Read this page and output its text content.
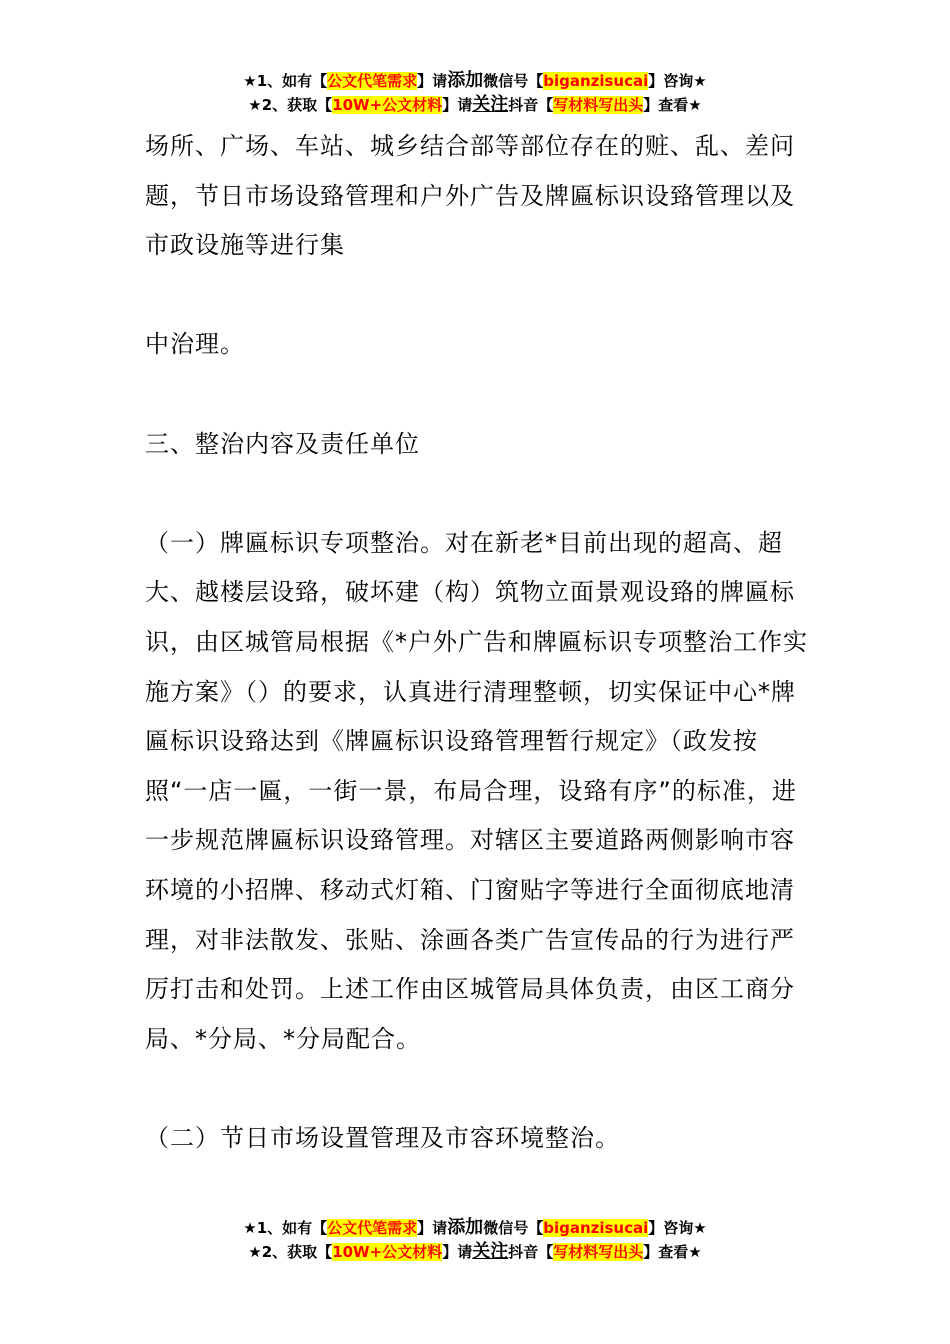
★1、如有【公文代笔需求】请添加微信号【biganzisucai】咨询★
★2、获取【10W+公文材料】请关注抖音【写材料写出头】查看★

场所、广场、车站、城乡结合部等部位存在的赃、乱、差问题，节日市场设臵管理和户外广告及牌匾标识设臵管理以及市政设施等进行集

中治理。

三、整治内容及责任单位

（一）牌匾标识专项整治。对在新老*目前出现的超高、超大、越楼层设臵，破坏建（构）筑物立面景观设臵的牌匾标识，由区城管局根据《*户外广告和牌匾标识专项整治工作实施方案》（）的要求，认真进行清理整顿，切实保证中心*牌匾标识设臵达到《牌匾标识设臵管理暂行规定》（政发按照“一店一匾，一街一景，布局合理，设臵有序”的标准，进一步规范牌匾标识设臵管理。对辖区主要道路两侧影响市容环境的小招牌、移动式灯箱、门窗贴字等进行全面彻底地清理，对非法散发、张贴、涂画各类广告宣传品的行为进行严厉打击和处罚。上述工作由区城管局具体负责，由区工商分局、*分局、*分局配合。

（二）节日市场设置管理及市容环境整治。

★1、如有【公文代笔需求】请添加微信号【biganzisucai】咨询★
★2、获取【10W+公文材料】请关注抖音【写材料写出头】查看★
